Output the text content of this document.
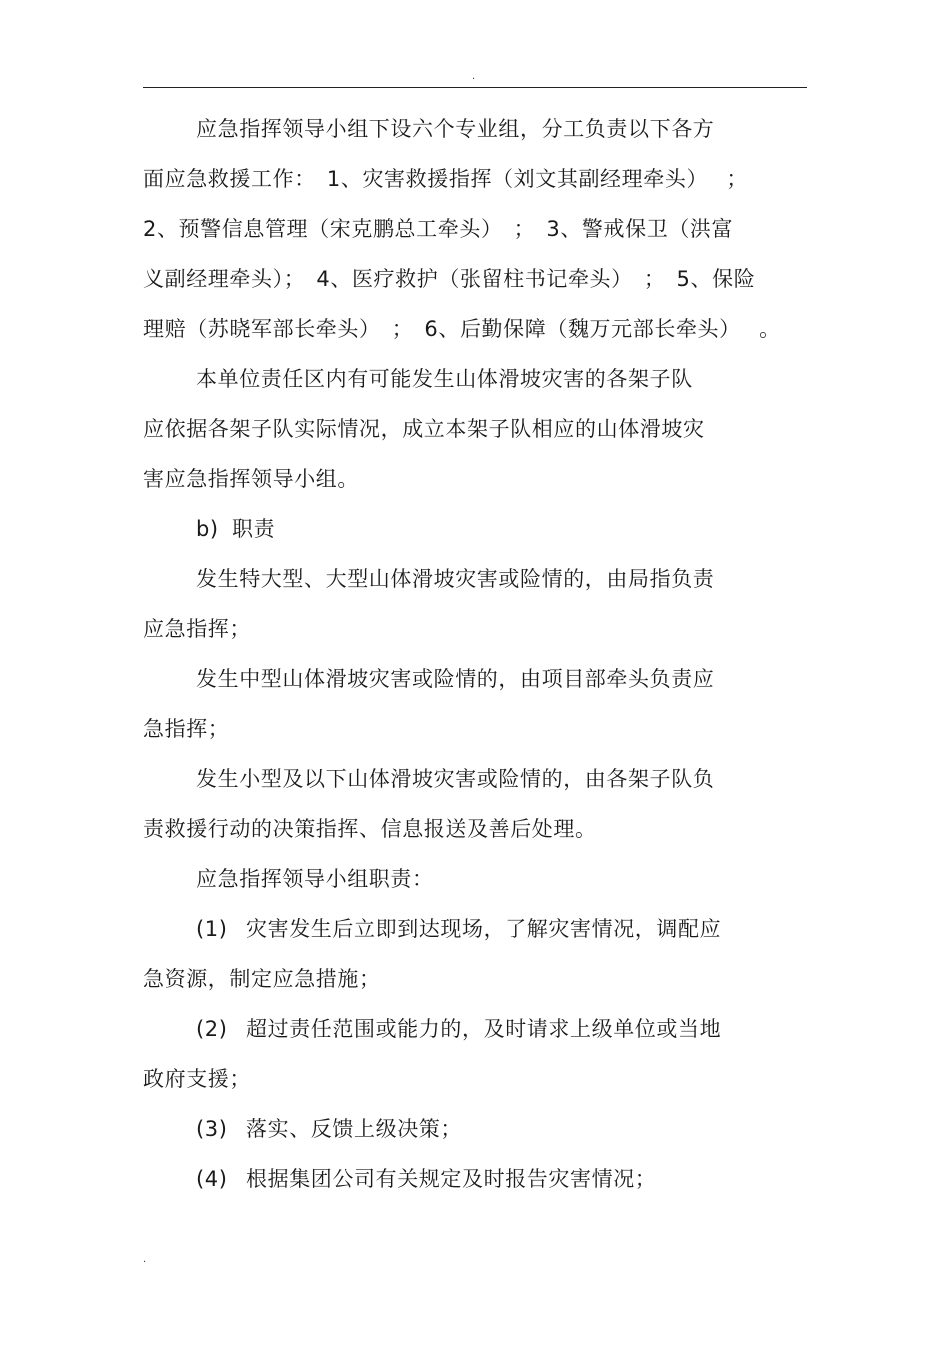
.

应急指挥领导小组下设六个专业组，分工负责以下各方

面应急救援工作：　1、灾害救援指挥（刘文其副经理牵头）　 ；

2、预警信息管理（宋克鹏总工牵头）　；　3、警戒保卫（洪富

义副经理牵头）；　4、医疗救护（张留柱书记牵头）　；　5、保险

理赔（苏晓军部长牵头）　；　6、后勤保障（魏万元部长牵头）　 。

本单位责任区内有可能发生山体滑坡灾害的各架子队

应依据各架子队实际情况，成立本架子队相应的山体滑坡灾

害应急指挥领导小组。

b) 职责

发生特大型、大型山体滑坡灾害或险情的，由局指负责

应急指挥；

发生中型山体滑坡灾害或险情的，由项目部牵头负责应

急指挥；

发生小型及以下山体滑坡灾害或险情的，由各架子队负

责救援行动的决策指挥、信息报送及善后处理。

应急指挥领导小组职责：

(1) 灾害发生后立即到达现场，了解灾害情况，调配应

急资源，制定应急措施；

(2) 超过责任范围或能力的，及时请求上级单位或当地

政府支援；

(3) 落实、反馈上级决策；

(4) 根据集团公司有关规定及时报告灾害情况；

.
